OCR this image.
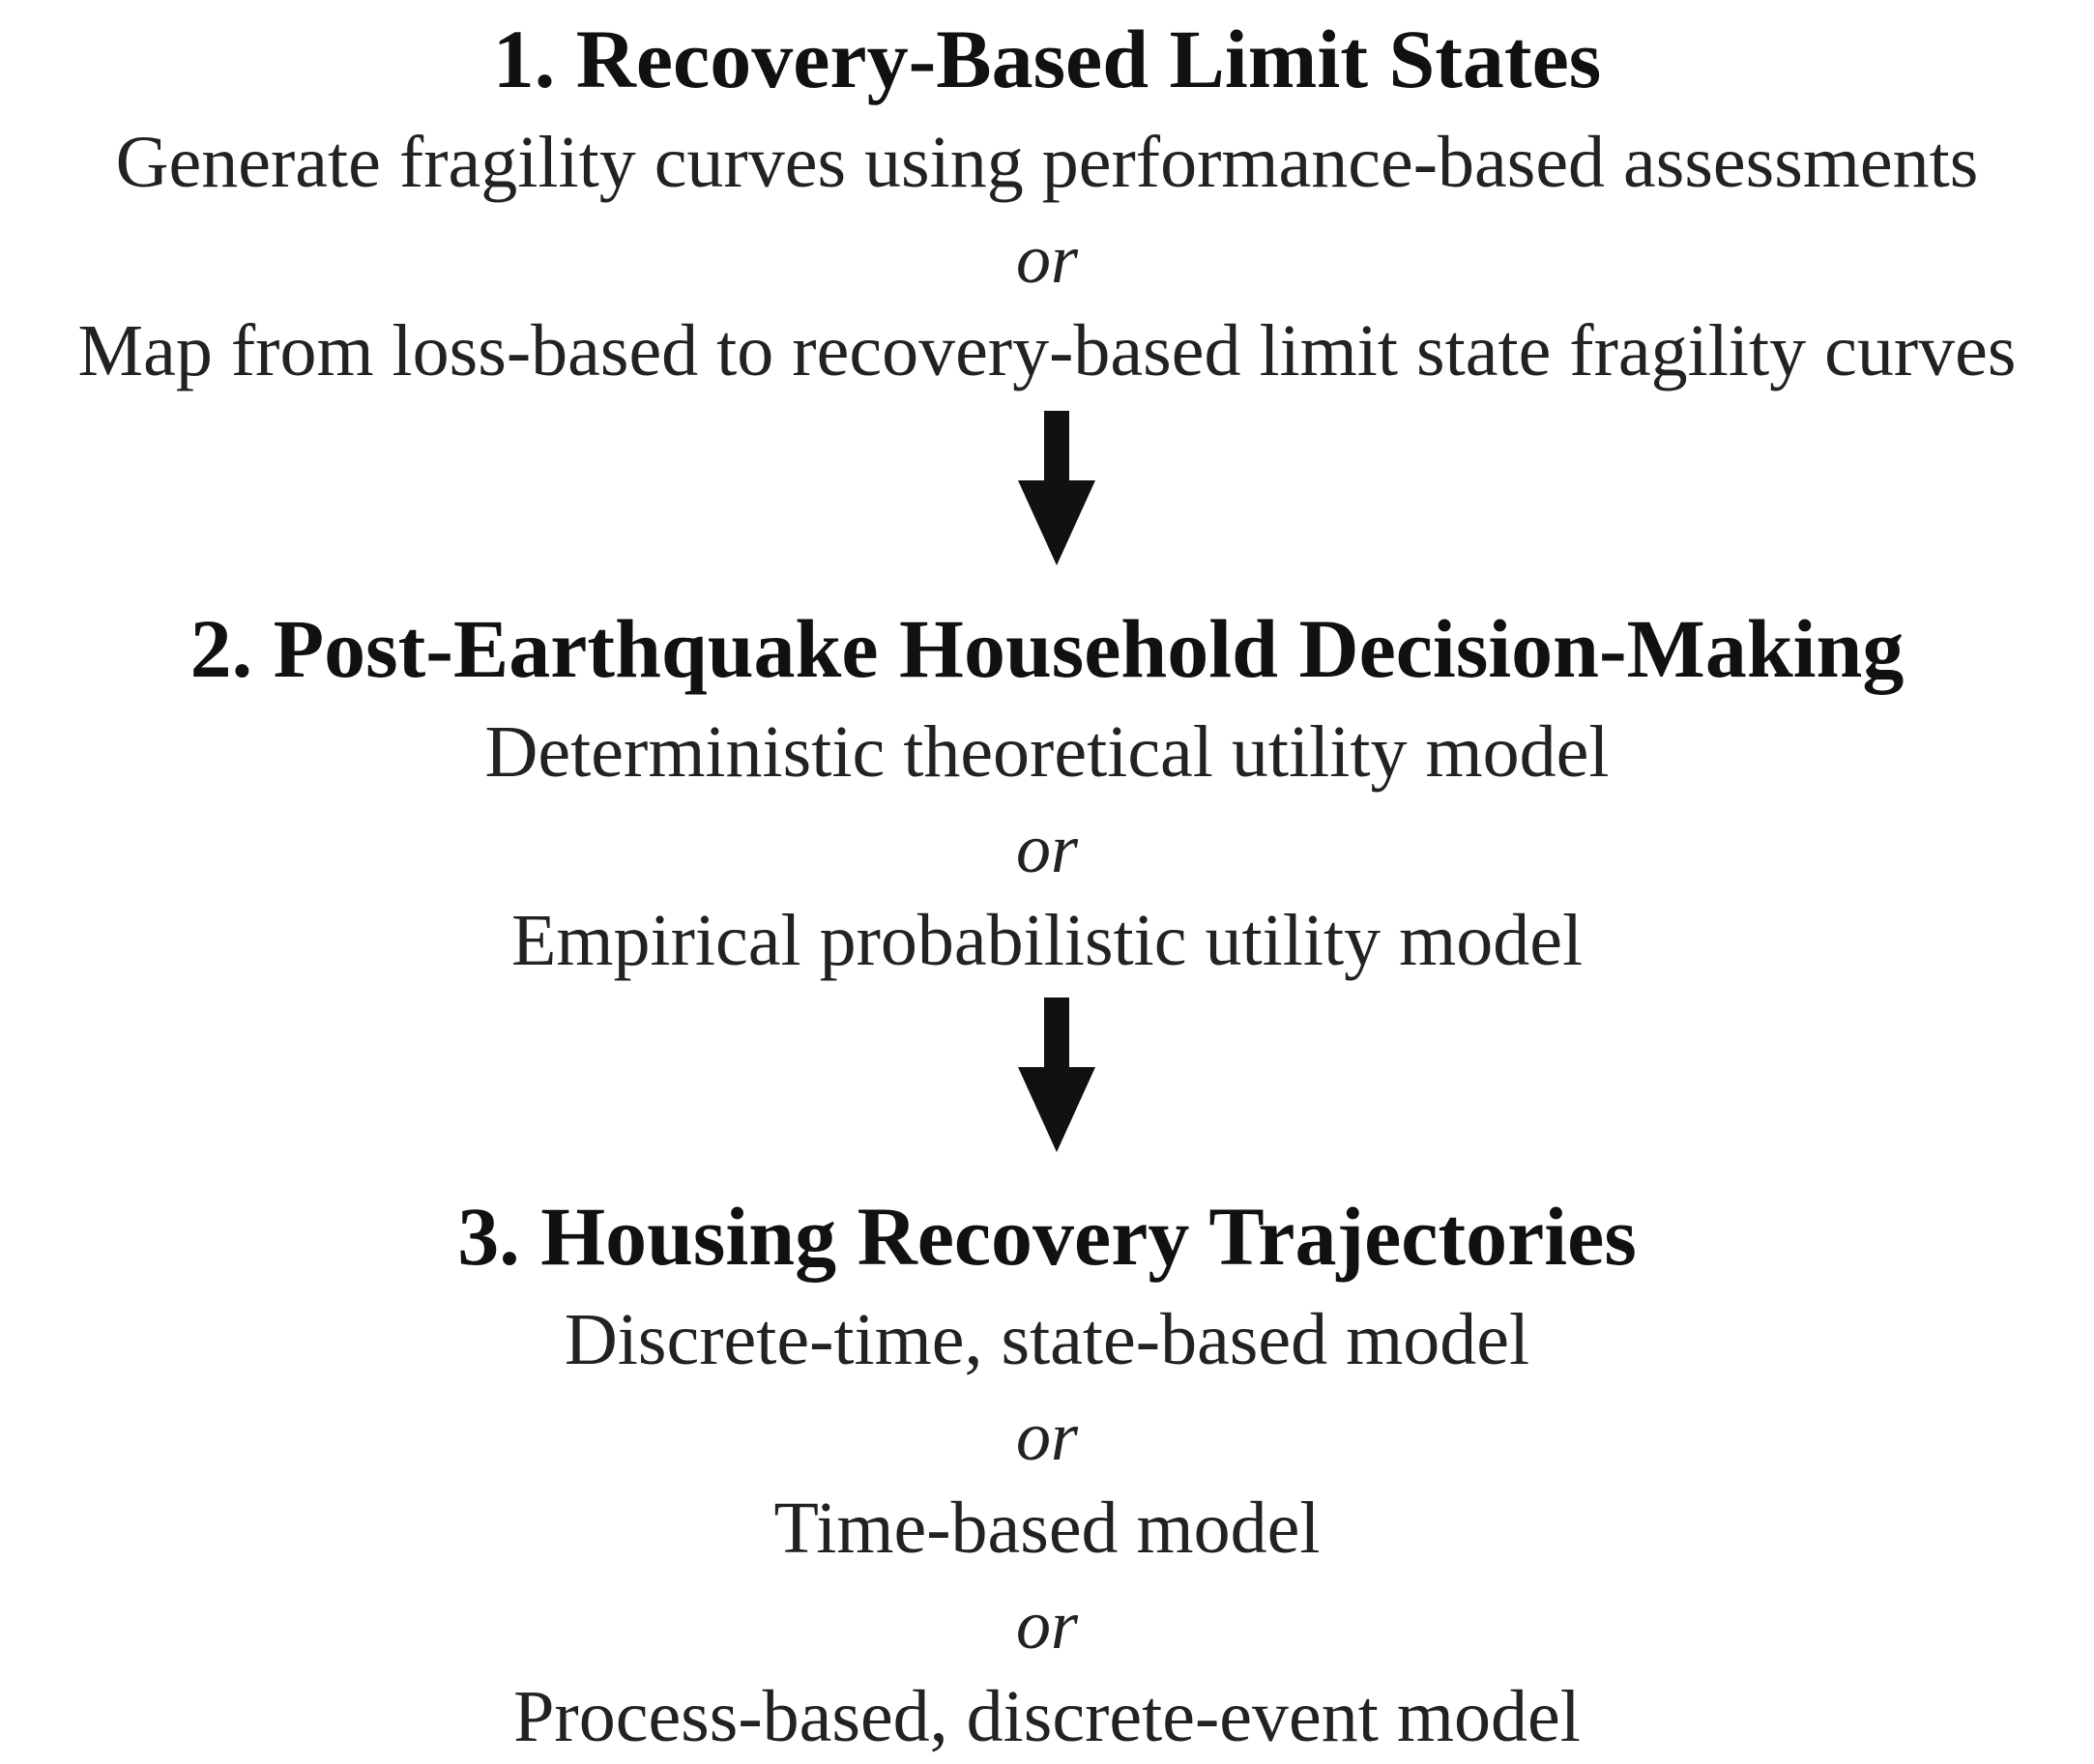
1. Recovery-Based Limit States
Generate fragility curves using performance-based assessments
or
Map from loss-based to recovery-based limit state fragility curves
2. Post-Earthquake Household Decision-Making
Deterministic theoretical utility model
or
Empirical probabilistic utility model
3. Housing Recovery Trajectories
Discrete-time, state-based model
or
Time-based model
or
Process-based, discrete-event model
